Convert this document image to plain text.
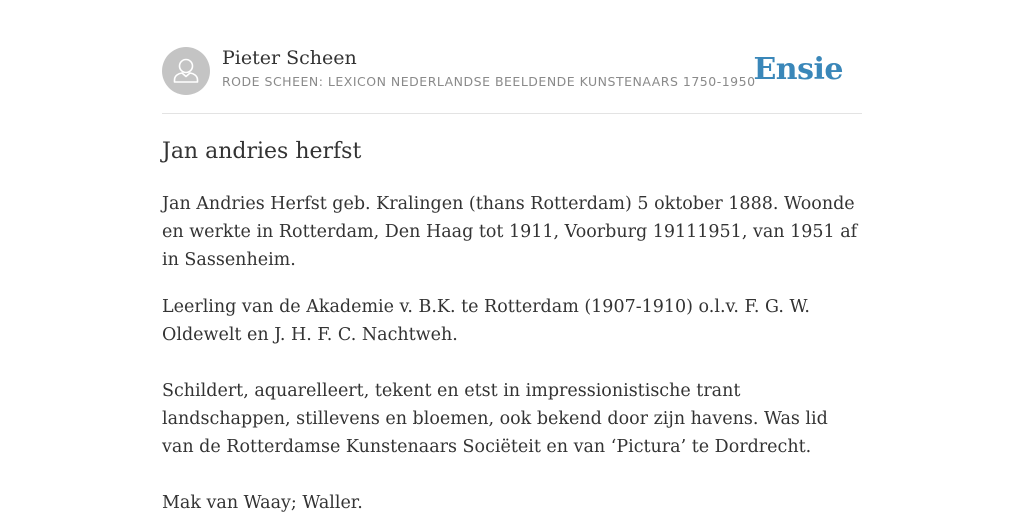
Pieter Scheen
RODE SCHEEN: LEXICON NEDERLANDSE BEELDENDE KUNSTENAARS 1750-1950
Ensie
Jan andries herfst

Jan Andries Herfst geb. Kralingen (thans Rotterdam) 5 oktober 1888. Woonde en werkte in Rotterdam, Den Haag tot 1911, Voorburg 19111951, van 1951 af in Sassenheim.

Leerling van de Akademie v. B.K. te Rotterdam (1907-1910) o.l.v. F. G. W. Oldewelt en J. H. F. C. Nachtweh.

Schildert, aquarelleert, tekent en etst in impressionistische trant landschappen, stillevens en bloemen, ook bekend door zijn havens. Was lid van de Rotterdamse Kunstenaars Sociëteit en van ‘Pictura’ te Dordrecht.

Mak van Waay; Waller.
